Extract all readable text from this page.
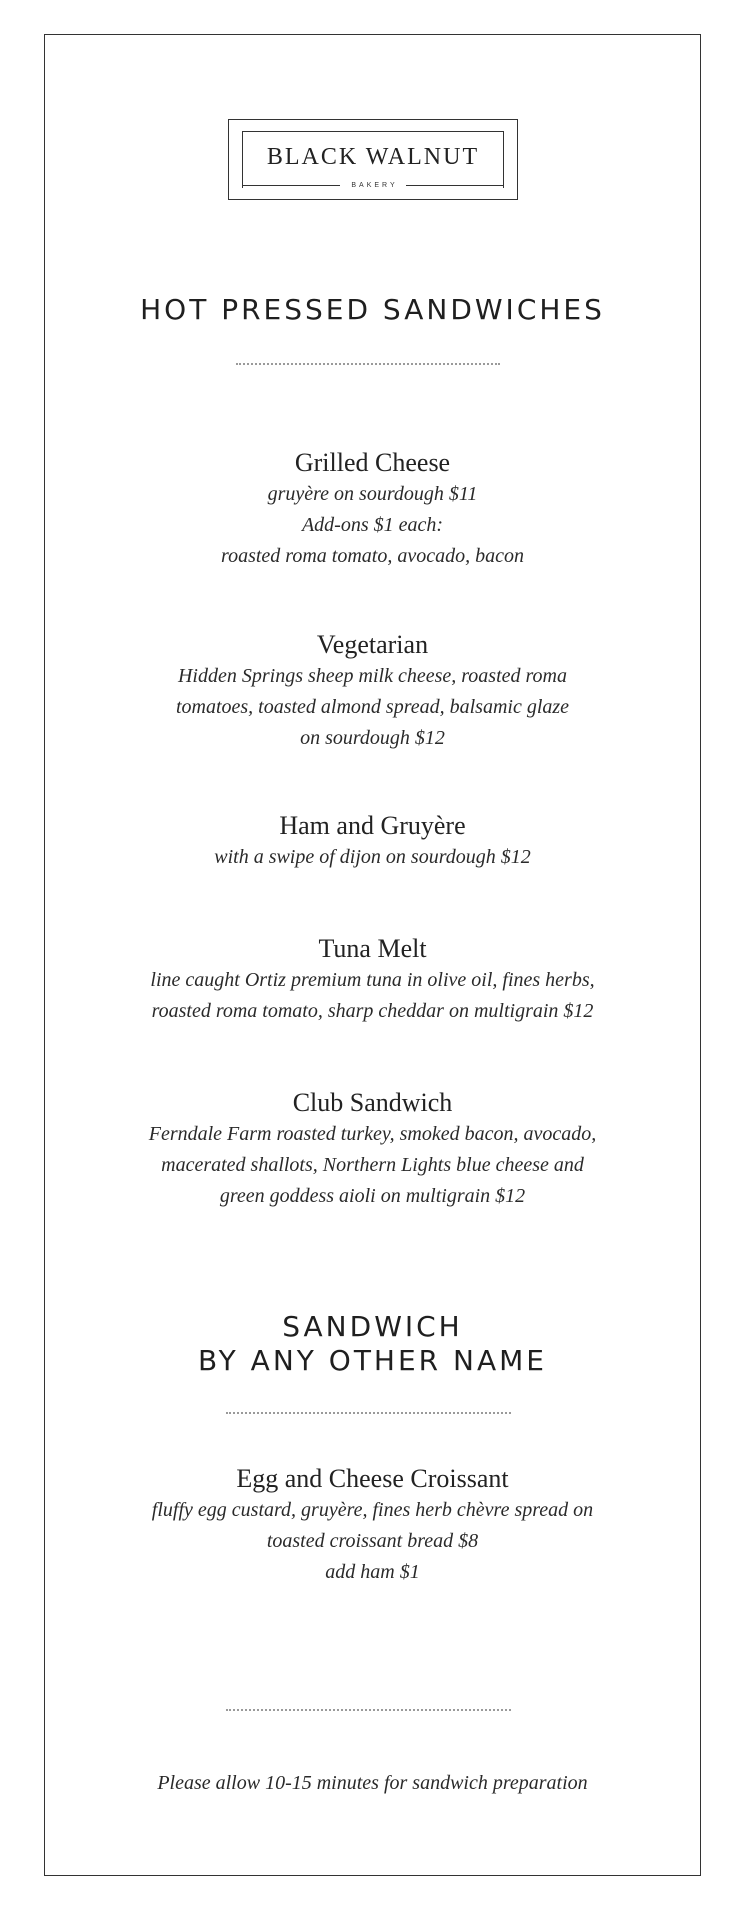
BLACK WALNUT
BAKERY
HOT PRESSED SANDWICHES
Grilled Cheese
gruyère on sourdough $11
Add-ons $1 each:
roasted roma tomato, avocado, bacon
Vegetarian
Hidden Springs sheep milk cheese, roasted roma
tomatoes, toasted almond spread, balsamic glaze
on sourdough $12
Ham and Gruyère
with a swipe of dijon on sourdough $12
Tuna Melt
line caught Ortiz premium tuna in olive oil, fines herbs,
roasted roma tomato, sharp cheddar on multigrain $12
Club Sandwich
Ferndale Farm roasted turkey, smoked bacon, avocado,
macerated shallots, Northern Lights blue cheese and
green goddess aioli on multigrain $12
SANDWICH
BY ANY OTHER NAME
Egg and Cheese Croissant
fluffy egg custard, gruyère, fines herb chèvre spread on
toasted croissant bread $8
add ham $1
Please allow 10-15 minutes for sandwich preparation
